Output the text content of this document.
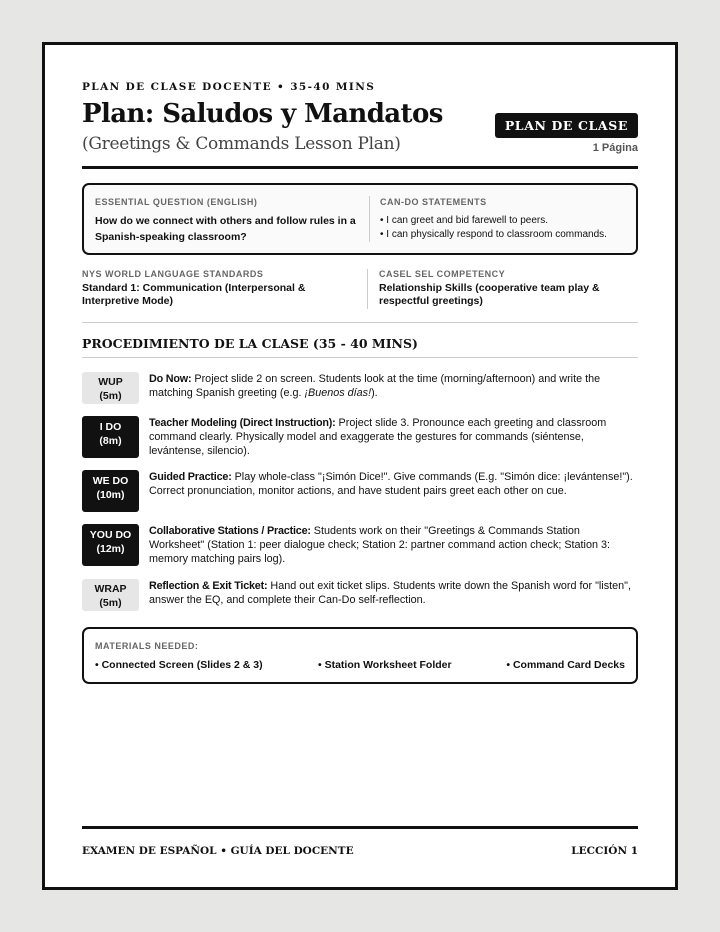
PLAN DE CLASE DOCENTE • 35-40 MINS
Plan: Saludos y Mandatos
(Greetings & Commands Lesson Plan)
PLAN DE CLASE
1 Página
ESSENTIAL QUESTION (ENGLISH)
How do we connect with others and follow rules in a Spanish-speaking classroom?
CAN-DO STATEMENTS
• I can greet and bid farewell to peers.
• I can physically respond to classroom commands.
NYS WORLD LANGUAGE STANDARDS
Standard 1: Communication (Interpersonal & Interpretive Mode)
CASEL SEL COMPETENCY
Relationship Skills (cooperative team play & respectful greetings)
PROCEDIMIENTO DE LA CLASE (35 - 40 MINS)
WUP
(5m)
Do Now: Project slide 2 on screen. Students look at the time (morning/afternoon) and write the matching Spanish greeting (e.g. ¡Buenos días!).
I DO
(8m)
Teacher Modeling (Direct Instruction): Project slide 3. Pronounce each greeting and classroom command clearly. Physically model and exaggerate the gestures for commands (siéntense, levántense, silencio).
WE DO
(10m)
Guided Practice: Play whole-class "¡Simón Dice!". Give commands (E.g. "Simón dice: ¡levántense!"). Correct pronunciation, monitor actions, and have student pairs greet each other on cue.
YOU DO
(12m)
Collaborative Stations / Practice: Students work on their "Greetings & Commands Station Worksheet" (Station 1: peer dialogue check; Station 2: partner command action check; Station 3: memory matching pairs log).
WRAP
(5m)
Reflection & Exit Ticket: Hand out exit ticket slips. Students write down the Spanish word for "listen", answer the EQ, and complete their Can-Do self-reflection.
MATERIALS NEEDED:
• Connected Screen (Slides 2 & 3)	• Station Worksheet Folder	• Command Card Decks
EXAMEN DE ESPAÑOL • GUÍA DEL DOCENTE	LECCIÓN 1
